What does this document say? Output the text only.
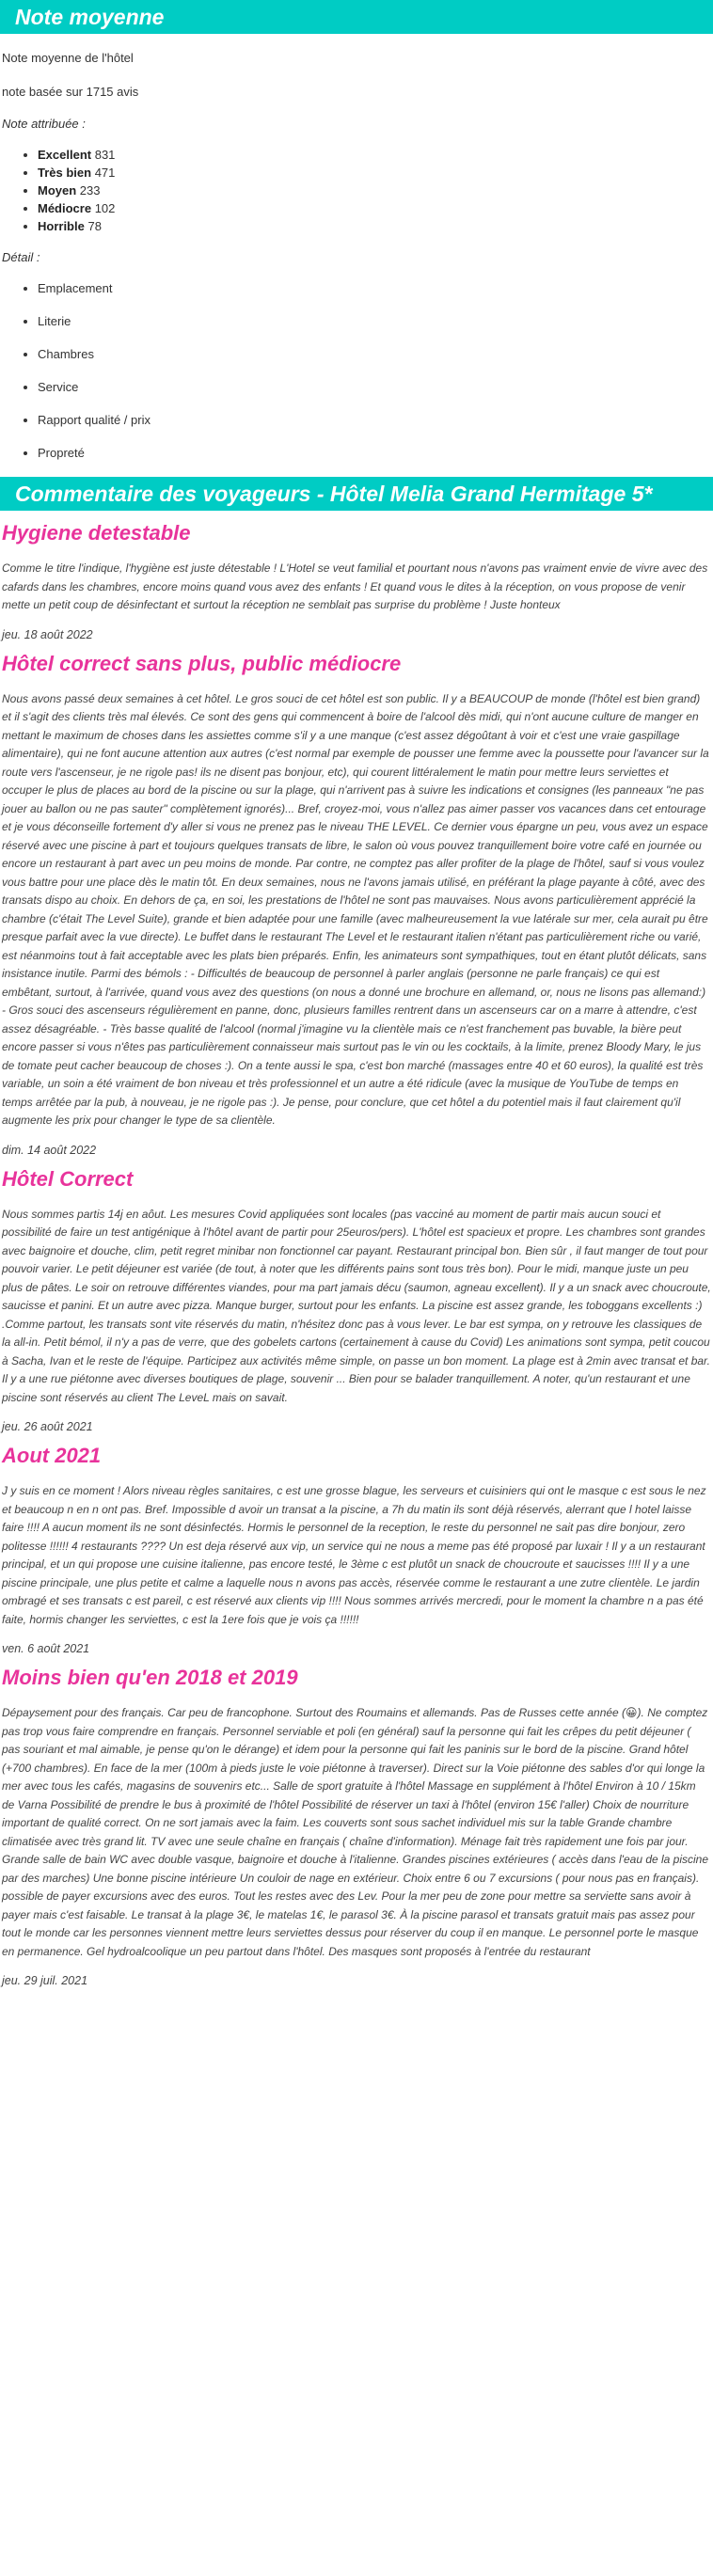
Note moyenne

Note moyenne de l'hôtel

note basée sur 1715 avis

Note attribuée :

• Excellent 831
• Très bien 471
• Moyen 233
• Médiocre 102
• Horrible 78

Détail :

• Emplacement
• Literie
• Chambres
• Service
• Rapport qualité / prix
• Propreté
Commentaire des voyageurs - Hôtel Melia Grand Hermitage 5*
Hygiene detestable

Comme le titre l'indique, l'hygiène est juste détestable ! L'Hotel se veut familial et pourtant nous n'avons pas vraiment envie de vivre avec des cafards dans les chambres, encore moins quand vous avez des enfants ! Et quand vous le dites à la réception, on vous propose de venir mette un petit coup de désinfectant et surtout la réception ne semblait pas surprise du problème ! Juste honteux

jeu. 18 août 2022

Hôtel correct sans plus, public médiocre

Nous avons passé deux semaines à cet hôtel. Le gros souci de cet hôtel est son public. Il y a BEAUCOUP de monde (l'hôtel est bien grand) et il s'agit des clients très mal élevés. Ce sont des gens qui commencent à boire de l'alcool dès midi, qui n'ont aucune culture de manger en mettant le maximum de choses dans les assiettes comme s'il y a une manque (c'est assez dégoûtant à voir et c'est une vraie gaspillage alimentaire), qui ne font aucune attention aux autres (c'est normal par exemple de pousser une femme avec la poussette pour l'avancer sur la route vers l'ascenseur, je ne rigole pas! ils ne disent pas bonjour, etc), qui courent littéralement le matin pour mettre leurs serviettes et occuper le plus de places au bord de la piscine ou sur la plage, qui n'arrivent pas à suivre les indications et consignes (les panneaux "ne pas jouer au ballon ou ne pas sauter" complètement ignorés)... Bref, croyez-moi, vous n'allez pas aimer passer vos vacances dans cet entourage et je vous déconseille fortement d'y aller si vous ne prenez pas le niveau THE LEVEL. Ce dernier vous épargne un peu, vous avez un espace réservé avec une piscine à part et toujours quelques transats de libre, le salon où vous pouvez tranquillement boire votre café en journée ou encore un restaurant à part avec un peu moins de monde. Par contre, ne comptez pas aller profiter de la plage de l'hôtel, sauf si vous voulez vous battre pour une place dès le matin tôt. En deux semaines, nous ne l'avons jamais utilisé, en préférant la plage payante à côté, avec des transats dispo au choix. En dehors de ça, en soi, les prestations de l'hôtel ne sont pas mauvaises. Nous avons particulièrement apprécié la chambre (c'était The Level Suite), grande et bien adaptée pour une famille (avec malheureusement la vue latérale sur mer, cela aurait pu être presque parfait avec la vue directe). Le buffet dans le restaurant The Level et le restaurant italien n'étant pas particulièrement riche ou varié, est néanmoins tout à fait acceptable avec les plats bien préparés. Enfin, les animateurs sont sympathiques, tout en étant plutôt délicats, sans insistance inutile. Parmi des bémols : - Difficultés de beaucoup de personnel à parler anglais (personne ne parle français) ce qui est embêtant, surtout, à l'arrivée, quand vous avez des questions (on nous a donné une brochure en allemand, or, nous ne lisons pas allemand:) - Gros souci des ascenseurs régulièrement en panne, donc, plusieurs familles rentrent dans un ascenseurs car on a marre à attendre, c'est assez désagréable. - Très basse qualité de l'alcool (normal j'imagine vu la clientèle mais ce n'est franchement pas buvable, la bière peut encore passer si vous n'êtes pas particulièrement connaisseur mais surtout pas le vin ou les cocktails, à la limite, prenez Bloody Mary, le jus de tomate peut cacher beaucoup de choses :). On a tente aussi le spa, c'est bon marché (massages entre 40 et 60 euros), la qualité est très variable, un soin a été vraiment de bon niveau et très professionnel et un autre a été ridicule (avec la musique de YouTube de temps en temps arrêtée par la pub, à nouveau, je ne rigole pas :). Je pense, pour conclure, que cet hôtel a du potentiel mais il faut clairement qu'il augmente les prix pour changer le type de sa clientèle.

dim. 14 août 2022

Hôtel Correct

Nous sommes partis 14j en aôut. Les mesures Covid appliquées sont locales (pas vacciné au moment de partir mais aucun souci et possibilité de faire un test antigénique à l'hôtel avant de partir pour 25euros/pers). L'hôtel est spacieux et propre. Les chambres sont grandes avec baignoire et douche, clim, petit regret minibar non fonctionnel car payant. Restaurant principal bon. Bien sûr , il faut manger de tout pour pouvoir varier. Le petit déjeuner est variée (de tout, à noter que les différents pains sont tous très bon). Pour le midi, manque juste un peu plus de pâtes. Le soir on retrouve différentes viandes, pour ma part jamais décu (saumon, agneau excellent). Il y a un snack avec choucroute, saucisse et panini. Et un autre avec pizza. Manque burger, surtout pour les enfants. La piscine est assez grande, les toboggans excellents :) .Comme partout, les transats sont vite réservés du matin, n'hésitez donc pas à vous lever. Le bar est sympa, on y retrouve les classiques de la all-in. Petit bémol, il n'y a pas de verre, que des gobelets cartons (certainement à cause du Covid) Les animations sont sympa, petit coucou à Sacha, Ivan et le reste de l'équipe. Participez aux activités même simple, on passe un bon moment. La plage est à 2min avec transat et bar. Il y a une rue piétonne avec diverses boutiques de plage, souvenir ... Bien pour se balader tranquillement. A noter, qu'un restaurant et une piscine sont réservés au client The LeveL mais on savait.

jeu. 26 août 2021

Aout 2021

J y suis en ce moment ! Alors niveau règles sanitaires, c est une grosse blague, les serveurs et cuisiniers qui ont le masque c est sous le nez et beaucoup n en n ont pas. Bref. Impossible d avoir un transat a la piscine, a 7h du matin ils sont déjà réservés, alerrant que l hotel laisse faire !!!! A aucun moment ils ne sont désinfectés. Hormis le personnel de la reception, le reste du personnel ne sait pas dire bonjour, zero politesse !!!!!! 4 restaurants ???? Un est deja réservé aux vip, un service qui ne nous a meme pas été proposé par luxair ! Il y a un restaurant principal, et un qui propose une cuisine italienne, pas encore testé, le 3ème c est plutôt un snack de choucroute et saucisses !!!! Il y a une piscine principale, une plus petite et calme a laquelle nous n avons pas accès, réservée comme le restaurant a une zutre clientèle. Le jardin ombragé et ses transats c est pareil, c est réservé aux clients vip !!!! Nous sommes arrivés mercredi, pour le moment la chambre n a pas été faite, hormis changer les serviettes, c est la 1ere fois que je vois ça !!!!!!

ven. 6 août 2021

Moins bien qu'en 2018 et 2019

Dépaysement pour des français. Car peu de francophone. Surtout des Roumains et allemands. Pas de Russes cette année (😀). Ne comptez pas trop vous faire comprendre en français. Personnel serviable et poli (en général) sauf la personne qui fait les crêpes du petit déjeuner ( pas souriant et mal aimable, je pense qu'on le dérange) et idem pour la personne qui fait les paninis sur le bord de la piscine. Grand hôtel (+700 chambres). En face de la mer (100m à pieds juste le voie piétonne à traverser). Direct sur la Voie piétonne des sables d'or qui longe la mer avec tous les cafés, magasins de souvenirs etc... Salle de sport gratuite à l'hôtel Massage en supplément à l'hôtel Environ à 10 / 15km de Varna Possibilité de prendre le bus à proximité de l'hôtel Possibilité de réserver un taxi à l'hôtel (environ 15€ l'aller) Choix de nourriture important de qualité correct. On ne sort jamais avec la faim. Les couverts sont sous sachet individuel mis sur la table Grande chambre climatisée avec très grand lit. TV avec une seule chaîne en français ( chaîne d'information). Ménage fait très rapidement une fois par jour. Grande salle de bain WC avec double vasque, baignoire et douche à l'italienne. Grandes piscines extérieures ( accès dans l'eau de la piscine par des marches) Une bonne piscine intérieure Un couloir de nage en extérieur. Choix entre 6 ou 7 excursions ( pour nous pas en français). possible de payer excursions avec des euros. Tout les restes avec des Lev. Pour la mer peu de zone pour mettre sa serviette sans avoir à payer mais c'est faisable. Le transat à la plage 3€, le matelas 1€, le parasol 3€. À la piscine parasol et transats gratuit mais pas assez pour tout le monde car les personnes viennent mettre leurs serviettes dessus pour réserver du coup il en manque. Le personnel porte le masque en permanence. Gel hydroalcoolique un peu partout dans l'hôtel. Des masques sont proposés à l'entrée du restaurant

jeu. 29 juil. 2021
